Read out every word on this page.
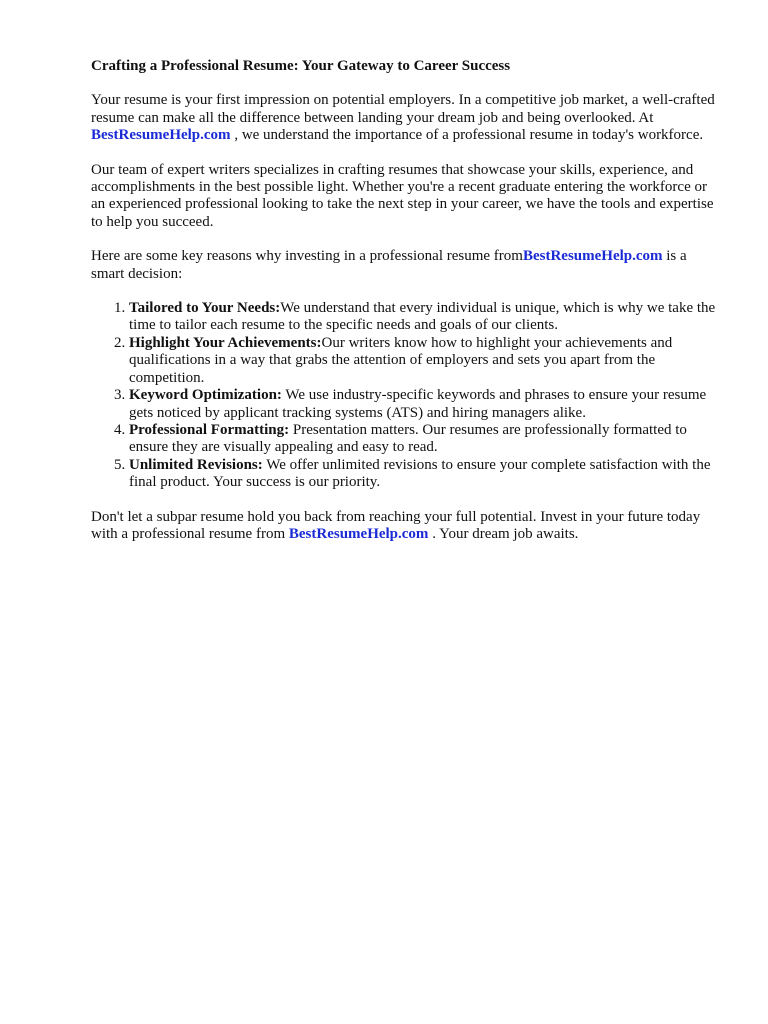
Crafting a Professional Resume: Your Gateway to Career Success

Your resume is your first impression on potential employers. In a competitive job market, a well-crafted resume can make all the difference between landing your dream job and being overlooked. At BestResumeHelp.com , we understand the importance of a professional resume in today's workforce.

Our team of expert writers specializes in crafting resumes that showcase your skills, experience, and accomplishments in the best possible light. Whether you're a recent graduate entering the workforce or an experienced professional looking to take the next step in your career, we have the tools and expertise to help you succeed.

Here are some key reasons why investing in a professional resume fromBestResumeHelp.com is a smart decision:

1. Tailored to Your Needs:We understand that every individual is unique, which is why we take the time to tailor each resume to the specific needs and goals of our clients.
2. Highlight Your Achievements:Our writers know how to highlight your achievements and qualifications in a way that grabs the attention of employers and sets you apart from the competition.
3. Keyword Optimization: We use industry-specific keywords and phrases to ensure your resume gets noticed by applicant tracking systems (ATS) and hiring managers alike.
4. Professional Formatting: Presentation matters. Our resumes are professionally formatted to ensure they are visually appealing and easy to read.
5. Unlimited Revisions: We offer unlimited revisions to ensure your complete satisfaction with the final product. Your success is our priority.

Don't let a subpar resume hold you back from reaching your full potential. Invest in your future today with a professional resume from BestResumeHelp.com . Your dream job awaits.
